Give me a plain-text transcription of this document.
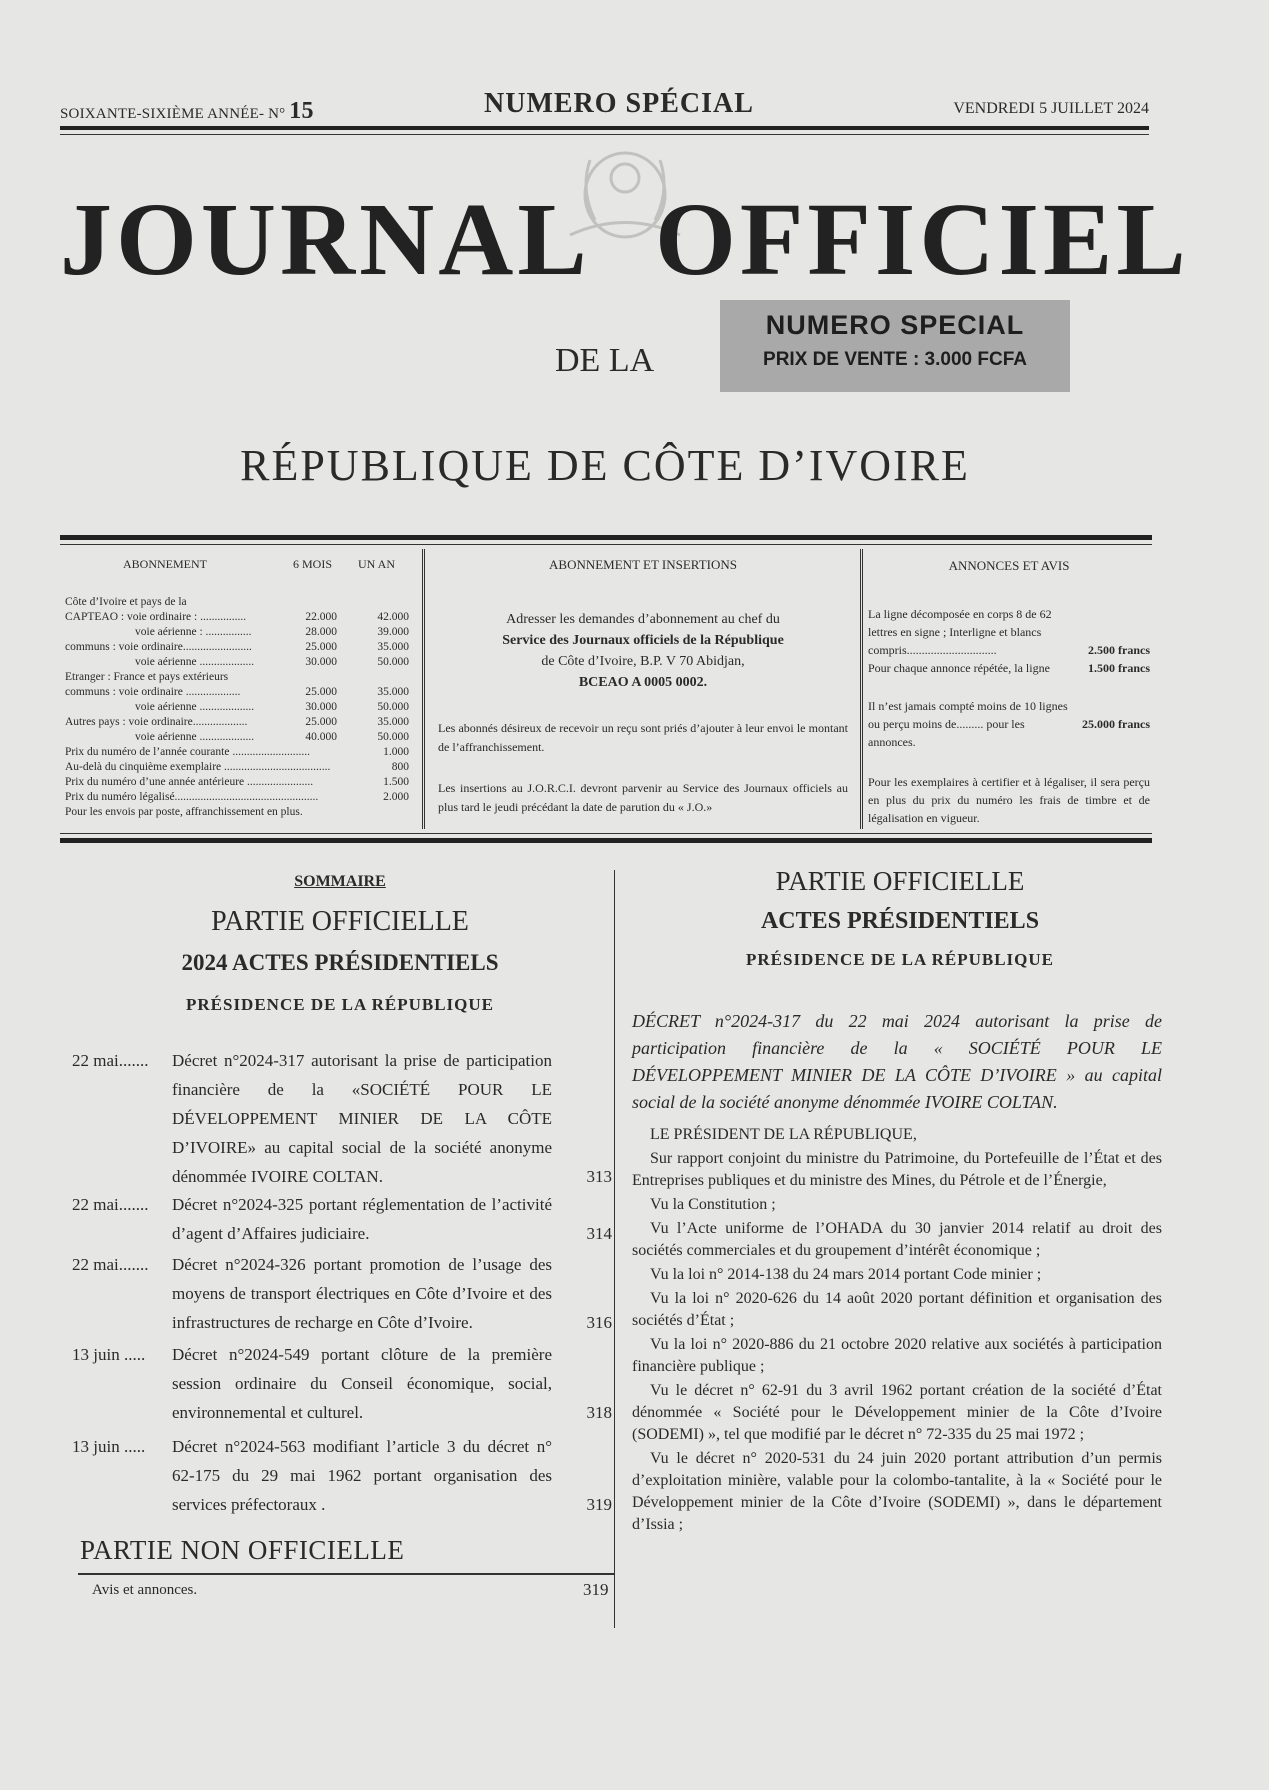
SOIXANTE-SIXIÈME ANNÉE- N° 15	NUMERO SPÉCIAL	VENDREDI 5 JUILLET 2024
JOURNAL OFFICIEL
DE LA
NUMERO SPECIAL
PRIX DE VENTE : 3.000 FCFA
RÉPUBLIQUE DE CÔTE D’IVOIRE
ABONNEMENT	6 MOIS UN AN
Côte d’Ivoire et pays de la
CAPTEAO : voie ordinaire : ................	22.000	42.000
voie aérienne : ................	28.000	39.000
communs : voie ordinaire........................	25.000	35.000
voie aérienne ...................	30.000	50.000
Etranger : France et pays extérieurs
communs : voie ordinaire ...................	25.000	35.000
voie aérienne ...................	30.000	50.000
Autres pays : voie ordinaire...................	25.000	35.000
voie aérienne ...................	40.000	50.000
Prix du numéro de l’année courante ...........................	1.000
Au-delà du cinquième exemplaire .....................................	800
Prix du numéro d’une année antérieure .......................	1.500
Prix du numéro légalisé..................................................	2.000
Pour les envois par poste, affranchissement en plus.
ABONNEMENT ET INSERTIONS
Adresser les demandes d’abonnement au chef du
Service des Journaux officiels de la République
de Côte d’Ivoire, B.P. V 70 Abidjan,
BCEAO A 0005 0002.
Les abonnés désireux de recevoir un reçu sont priés d’ajouter à leur envoi le montant de l’affranchissement.
Les insertions au J.O.R.C.I. devront parvenir au Service des Journaux officiels au plus tard le jeudi précédant la date de parution du « J.O.»
ANNONCES ET AVIS
La ligne décomposée en corps 8 de 62 lettres en signe ; Interligne et blancs compris..............................	2.500 francs
Pour chaque annonce répétée, la ligne	1.500 francs
Il n’est jamais compté moins de 10 lignes ou perçu moins de......... pour les annonces.
25.000 francs
Pour les exemplaires à certifier et à légaliser, il sera perçu en plus du prix du numéro les frais de timbre et de légalisation en vigueur.
SOMMAIRE
PARTIE OFFICIELLE
2024 ACTES PRÉSIDENTIELS
PRÉSIDENCE DE LA RÉPUBLIQUE
22 mai....... Décret n°2024-317 autorisant la prise de participation financière de la «SOCIÉTÉ POUR LE DÉVELOPPEMENT MINIER DE LA CÔTE D’IVOIRE» au capital social de la société anonyme dénommée IVOIRE COLTAN.	313
22 mai....... Décret n°2024-325 portant réglementation de l’activité d’agent d’Affaires judiciaire.	314
22 mai....... Décret n°2024-326 portant promotion de l’usage des moyens de transport électriques en Côte d’Ivoire et des infrastructures de recharge en Côte d’Ivoire.	316
13 juin ..... Décret n°2024-549 portant clôture de la première session ordinaire du Conseil économique, social, environnemental et culturel.	318
13 juin ..... Décret n°2024-563 modifiant l’article 3 du décret n° 62-175 du 29 mai 1962 portant organisation des services préfectoraux .	319
PARTIE NON OFFICIELLE
Avis et annonces.	319
PARTIE OFFICIELLE
ACTES PRÉSIDENTIELS
PRÉSIDENCE DE LA RÉPUBLIQUE
DÉCRET n°2024-317 du 22 mai 2024 autorisant la prise de participation financière de la « SOCIÉTÉ POUR LE DÉVELOPPEMENT MINIER DE LA CÔTE D’IVOIRE » au capital social de la société anonyme dénommée IVOIRE COLTAN.

LE PRÉSIDENT DE LA RÉPUBLIQUE,

Sur rapport conjoint du ministre du Patrimoine, du Portefeuille de l’État et des Entreprises publiques et du ministre des Mines, du Pétrole et de l’Énergie,

Vu la Constitution ;

Vu l’Acte uniforme de l’OHADA du 30 janvier 2014 relatif au droit des sociétés commerciales et du groupement d’intérêt économique ;

Vu la loi n° 2014-138 du 24 mars 2014 portant Code minier ;

Vu la loi n° 2020-626 du 14 août 2020 portant définition et organisation des sociétés d’État ;

Vu la loi n° 2020-886 du 21 octobre 2020 relative aux sociétés à participation financière publique ;

Vu le décret n° 62-91 du 3 avril 1962 portant création de la société d’État dénommée « Société pour le Développement minier de la Côte d’Ivoire (SODEMI) », tel que modifié par le décret n° 72-335 du 25 mai 1972 ;

Vu le décret n° 2020-531 du 24 juin 2020 portant attribution d’un permis d’exploitation minière, valable pour la colombo-tantalite, à la « Société pour le Développement minier de la Côte d’Ivoire (SODEMI) », dans le département d’Issia ;
